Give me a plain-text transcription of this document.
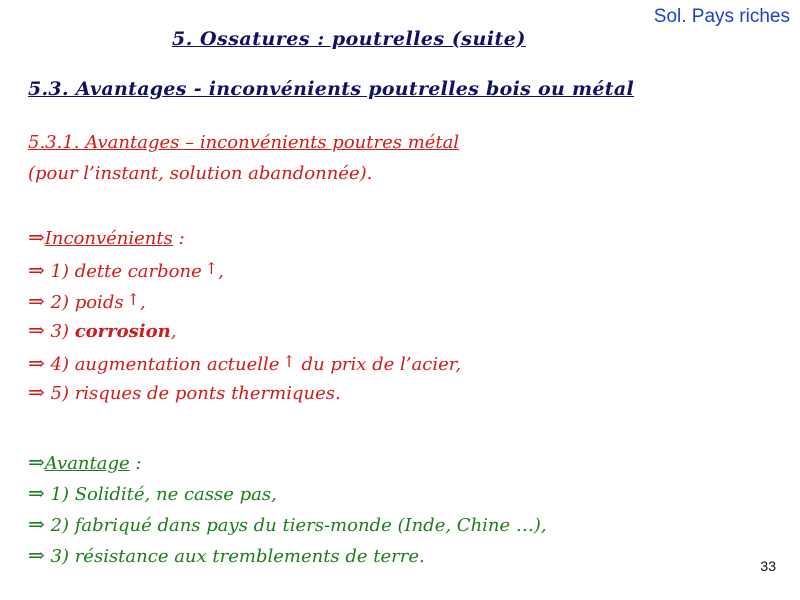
Sol. Pays riches
5. Ossatures : poutrelles (suite)
5.3. Avantages - inconvénients poutrelles bois ou métal
5.3.1. Avantages – inconvénients poutres métal
(pour l’instant, solution abandonnée).
⇒Inconvénients :
⇒ 1) dette carbone ↑,
⇒ 2) poids ↑,
⇒ 3) corrosion,
⇒ 4) augmentation actuelle ↑ du prix de l’acier,
⇒ 5) risques de ponts thermiques.
⇒Avantage :
⇒ 1) Solidité, ne casse pas,
⇒ 2) fabriqué dans pays du tiers-monde (Inde, Chine …),
⇒ 3) résistance aux tremblements de terre.	33
